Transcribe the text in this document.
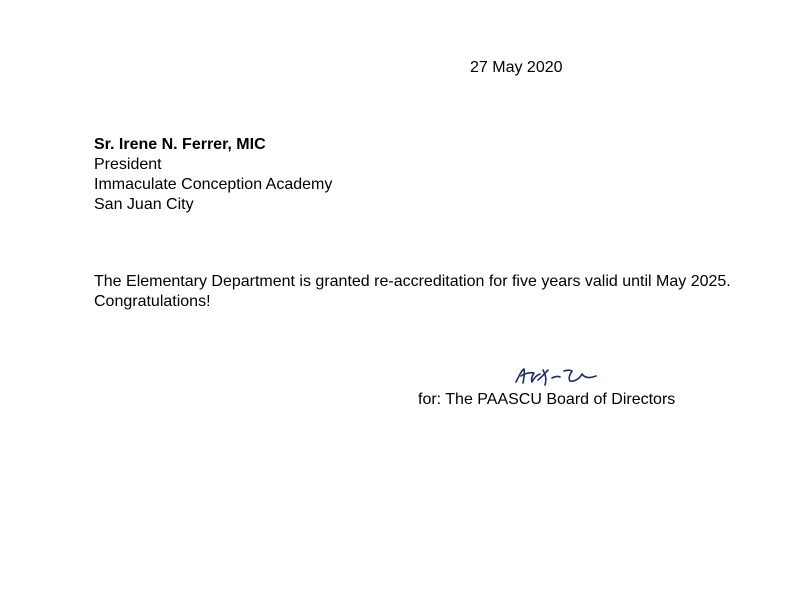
27 May 2020
Sr. Irene N. Ferrer, MIC
President
Immaculate Conception Academy
San Juan City
The Elementary Department is granted re-accreditation for five years valid until May 2025. Congratulations!
for: The PAASCU Board of Directors
